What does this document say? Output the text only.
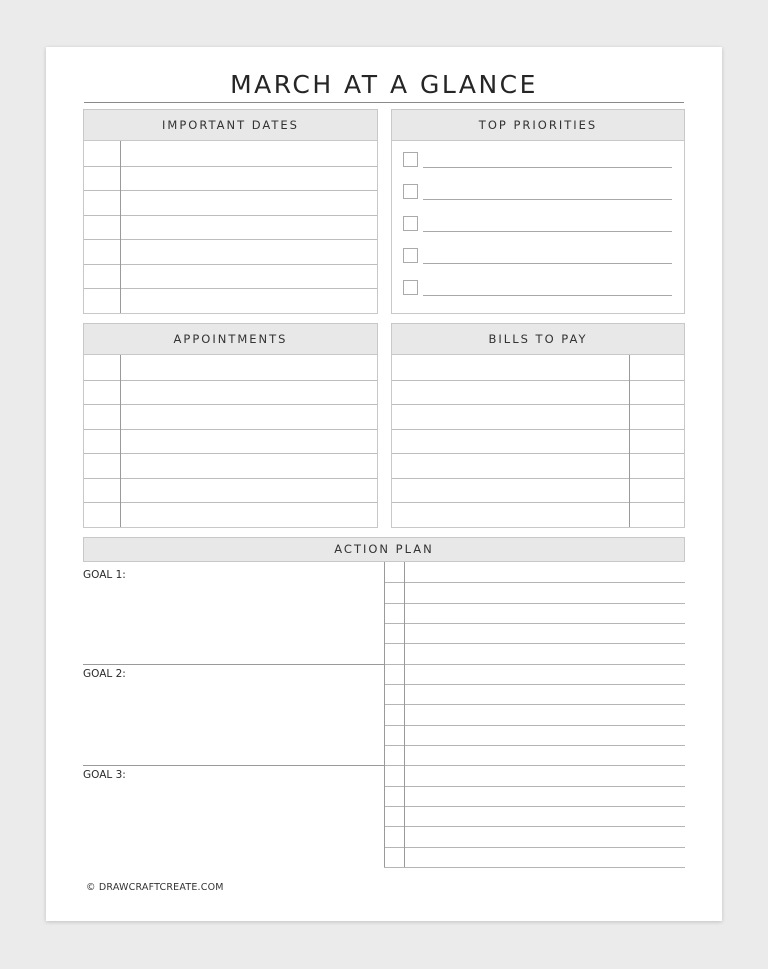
MARCH AT A GLANCE
IMPORTANT DATES	TOP PRIORITIES
APPOINTMENTS	BILLS TO PAY
ACTION PLAN
GOAL 1:
GOAL 2:
GOAL 3:
© DRAWCRAFTCREATE.COM
